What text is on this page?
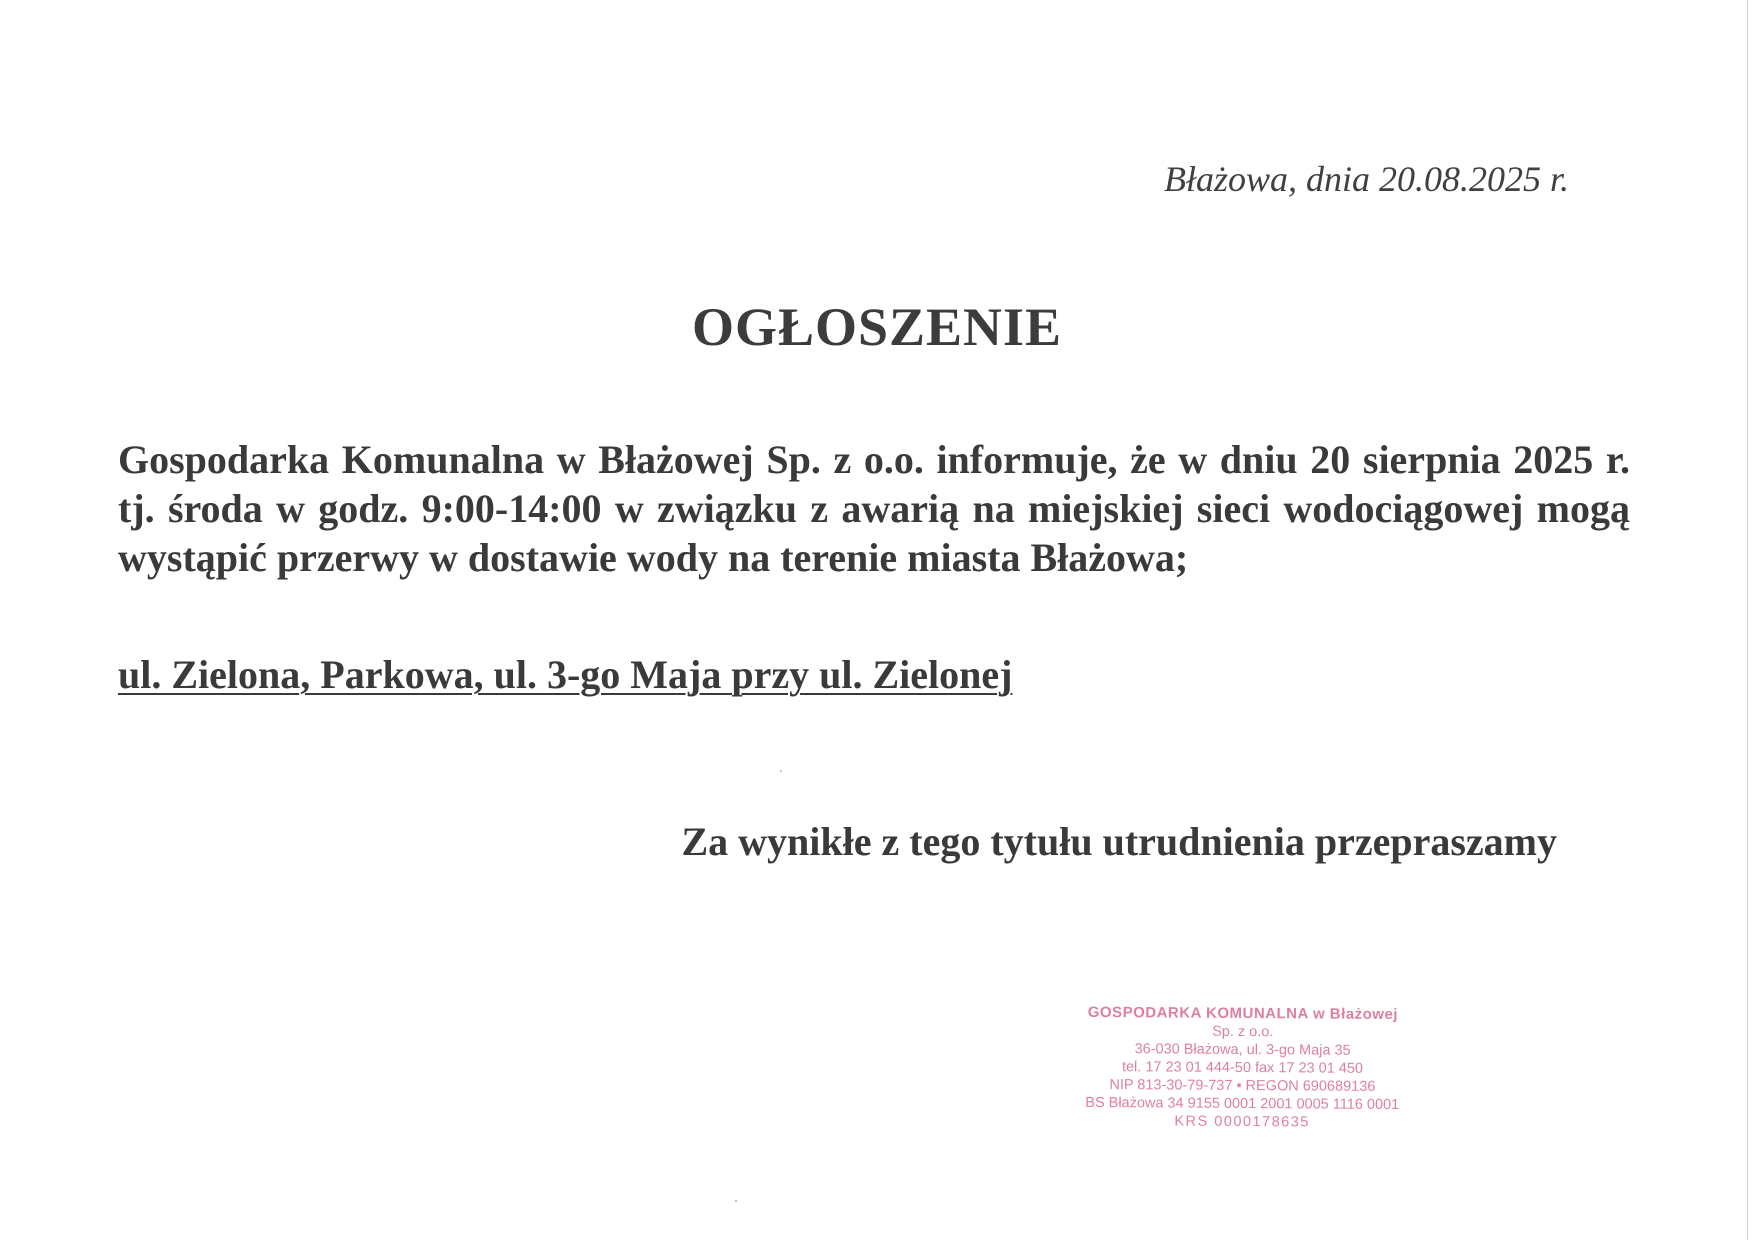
Błażowa, dnia 20.08.2025 r.
OGŁOSZENIE
Gospodarka Komunalna w Błażowej Sp. z o.o. informuje, że w dniu 20 sierpnia 2025 r. tj. środa w godz. 9:00-14:00 w związku z awarią na miejskiej sieci wodociągowej mogą wystąpić przerwy w dostawie wody na terenie miasta Błażowa;
ul. Zielona, Parkowa, ul. 3-go Maja przy ul. Zielonej
Za wynikłe z tego tytułu utrudnienia przepraszamy
GOSPODARKA KOMUNALNA w Błażowej
Sp. z o.o.
36-030 Błażowa, ul. 3-go Maja 35
tel. 17 23 01 444-50 fax 17 23 01 450
NIP 813-30-79-737 • REGON 690689136
BS Błażowa 34 9155 0001 2001 0005 1116 0001
KRS 0000178635
